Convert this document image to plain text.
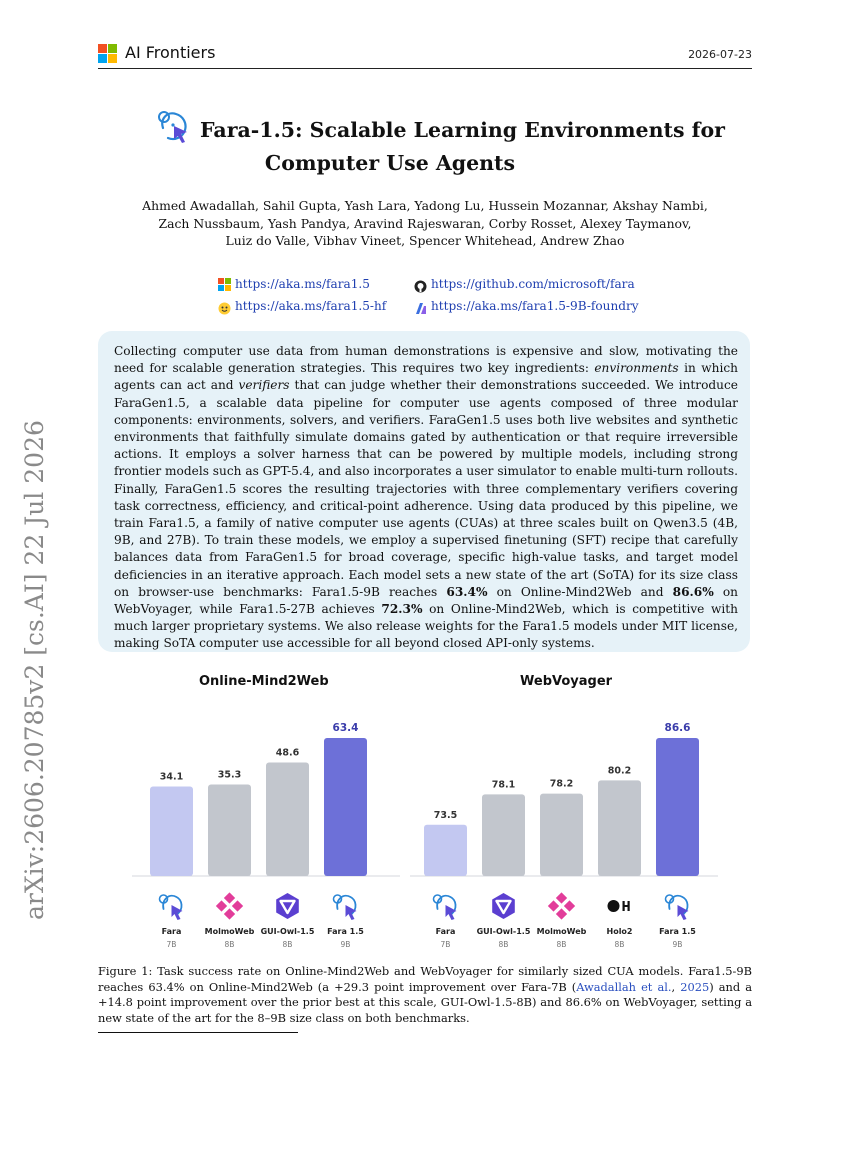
AI Frontiers	2026-07-23
arXiv:2606.20785v2 [cs.AI] 22 Jul 2026
Fara-1.5: Scalable Learning Environments for
Computer Use Agents
Ahmed Awadallah, Sahil Gupta, Yash Lara, Yadong Lu, Hussein Mozannar, Akshay Nambi,
Zach Nussbaum, Yash Pandya, Aravind Rajeswaran, Corby Rosset, Alexey Taymanov,
Luiz do Valle, Vibhav Vineet, Spencer Whitehead, Andrew Zhao
https://aka.ms/fara1.5
https://aka.ms/fara1.5-hf
https://github.com/microsoft/fara
https://aka.ms/fara1.5-9B-foundry

Collecting computer use data from human demonstrations is expensive and slow, motivating the need for scalable generation strategies. This requires two key ingredients: environments in which agents can act and verifiers that can judge whether their demonstrations succeeded. We introduce FaraGen1.5, a scalable data pipeline for computer use agents composed of three modular components: environments, solvers, and verifiers. FaraGen1.5 uses both live websites and synthetic environments that faithfully simulate domains gated by authentication or that require irreversible actions. It employs a solver harness that can be powered by multiple models, including strong frontier models such as GPT-5.4, and also incorporates a user simulator to enable multi-turn rollouts. Finally, FaraGen1.5 scores the resulting trajectories with three complementary verifiers covering task correctness, efficiency, and critical-point adherence. Using data produced by this pipeline, we train Fara1.5, a family of native computer use agents (CUAs) at three scales built on Qwen3.5 (4B, 9B, and 27B). To train these models, we employ a supervised finetuning (SFT) recipe that carefully balances data from FaraGen1.5 for broad coverage, specific high-value tasks, and target model deficiencies in an iterative approach. Each model sets a new state of the art (SoTA) for its size class on browser-use benchmarks: Fara1.5-9B reaches 63.4% on Online-Mind2Web and 86.6% on WebVoyager, while Fara1.5-27B achieves 72.3% on Online-Mind2Web, which is competitive with much larger proprietary systems. We also release weights for the Fara1.5 models under MIT license, making SoTA computer use accessible for all beyond closed API-only systems.

Online-Mind2Web	WebVoyager
34.1
Fara
7B
35.3
MolmoWeb
8B
48.6
GUI-Owl-1.5
8B
63.4
Fara 1.5
9B
73.5
Fara
7B
78.1
GUI-Owl-1.5
8B
78.2
MolmoWeb
8B
80.2
Holo2
8B
86.6
Fara 1.5
9B
Figure 1: Task success rate on Online-Mind2Web and WebVoyager for similarly sized CUA models. Fara1.5-9B reaches 63.4% on Online-Mind2Web (a +29.3 point improvement over Fara-7B (Awadallah et al., 2025) and a +14.8 point improvement over the prior best at this scale, GUI-Owl-1.5-8B) and 86.6% on WebVoyager, setting a new state of the art for the 8–9B size class on both benchmarks.
